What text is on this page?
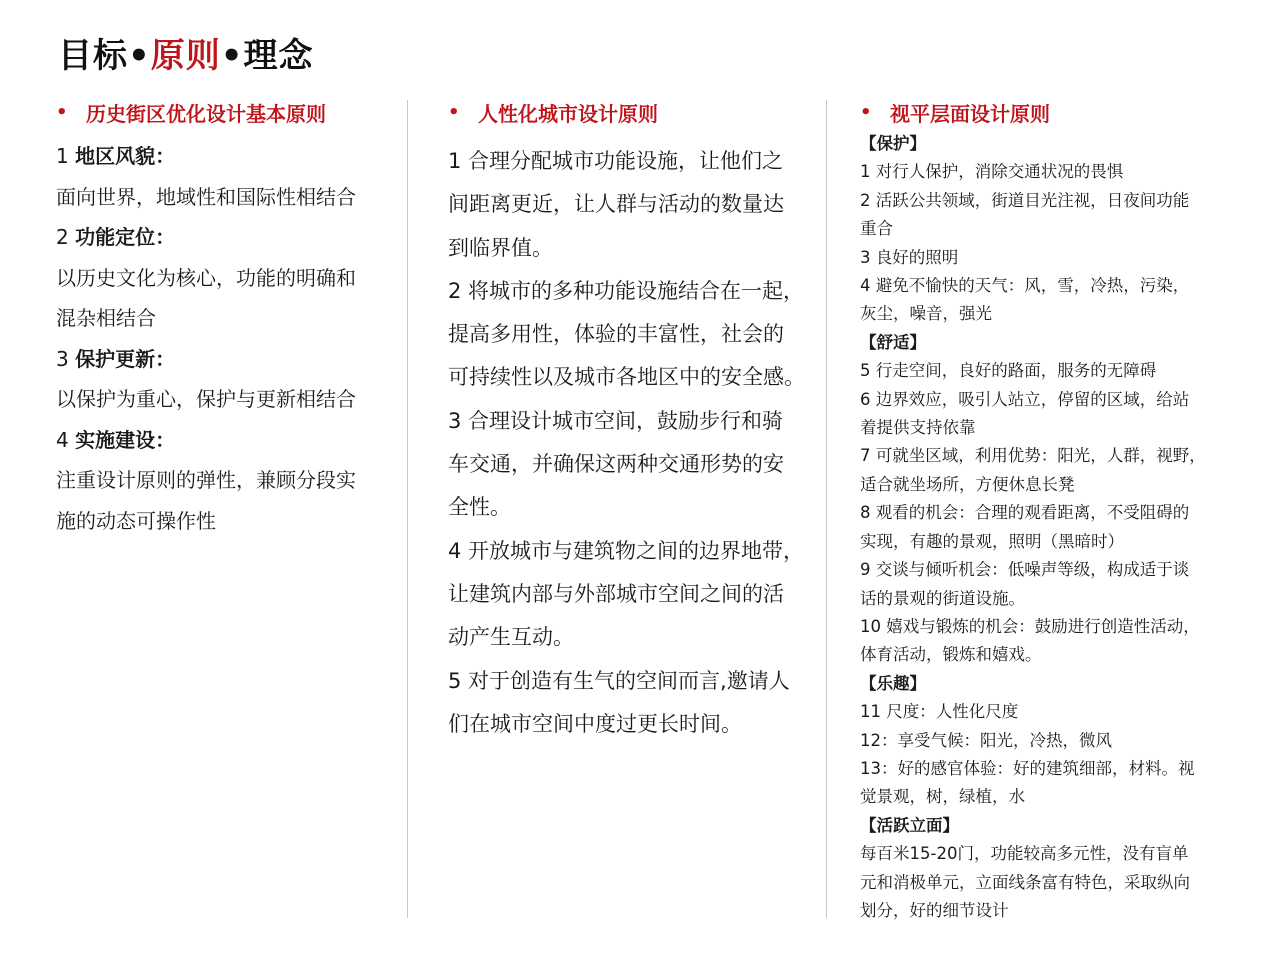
目标•原则•理念
• 历史街区优化设计基本原则
1 地区风貌：
面向世界，地域性和国际性相结合
2 功能定位：
以历史文化为核心，功能的明确和
混杂相结合
3 保护更新：
以保护为重心，保护与更新相结合
4 实施建设：
注重设计原则的弹性，兼顾分段实
施的动态可操作性
• 人性化城市设计原则
1 合理分配城市功能设施，让他们之
间距离更近，让人群与活动的数量达
到临界值。
2 将城市的多种功能设施结合在一起，
提高多用性，体验的丰富性，社会的
可持续性以及城市各地区中的安全感。
3 合理设计城市空间，鼓励步行和骑
车交通，并确保这两种交通形势的安
全性。
4 开放城市与建筑物之间的边界地带，
让建筑内部与外部城市空间之间的活
动产生互动。
5 对于创造有生气的空间而言,邀请人
们在城市空间中度过更长时间。
• 视平层面设计原则
【保护】
1 对行人保护，消除交通状况的畏惧
2 活跃公共领域，街道目光注视，日夜间功能
重合
3 良好的照明
4 避免不愉快的天气：风，雪，冷热，污染，
灰尘，噪音，强光
【舒适】
5 行走空间，良好的路面，服务的无障碍
6 边界效应，吸引人站立，停留的区域，给站
着提供支持依靠
7 可就坐区域，利用优势：阳光，人群，视野，
适合就坐场所，方便休息长凳
8 观看的机会：合理的观看距离，不受阻碍的
实现，有趣的景观，照明（黑暗时）
9 交谈与倾听机会：低噪声等级，构成适于谈
话的景观的街道设施。
10 嬉戏与锻炼的机会：鼓励进行创造性活动，
体育活动，锻炼和嬉戏。
【乐趣】
11 尺度：人性化尺度
12：享受气候：阳光，冷热，微风
13：好的感官体验：好的建筑细部，材料。视
觉景观，树，绿植，水
【活跃立面】
每百米15-20门，功能较高多元性，没有盲单
元和消极单元，立面线条富有特色，采取纵向
划分，好的细节设计
